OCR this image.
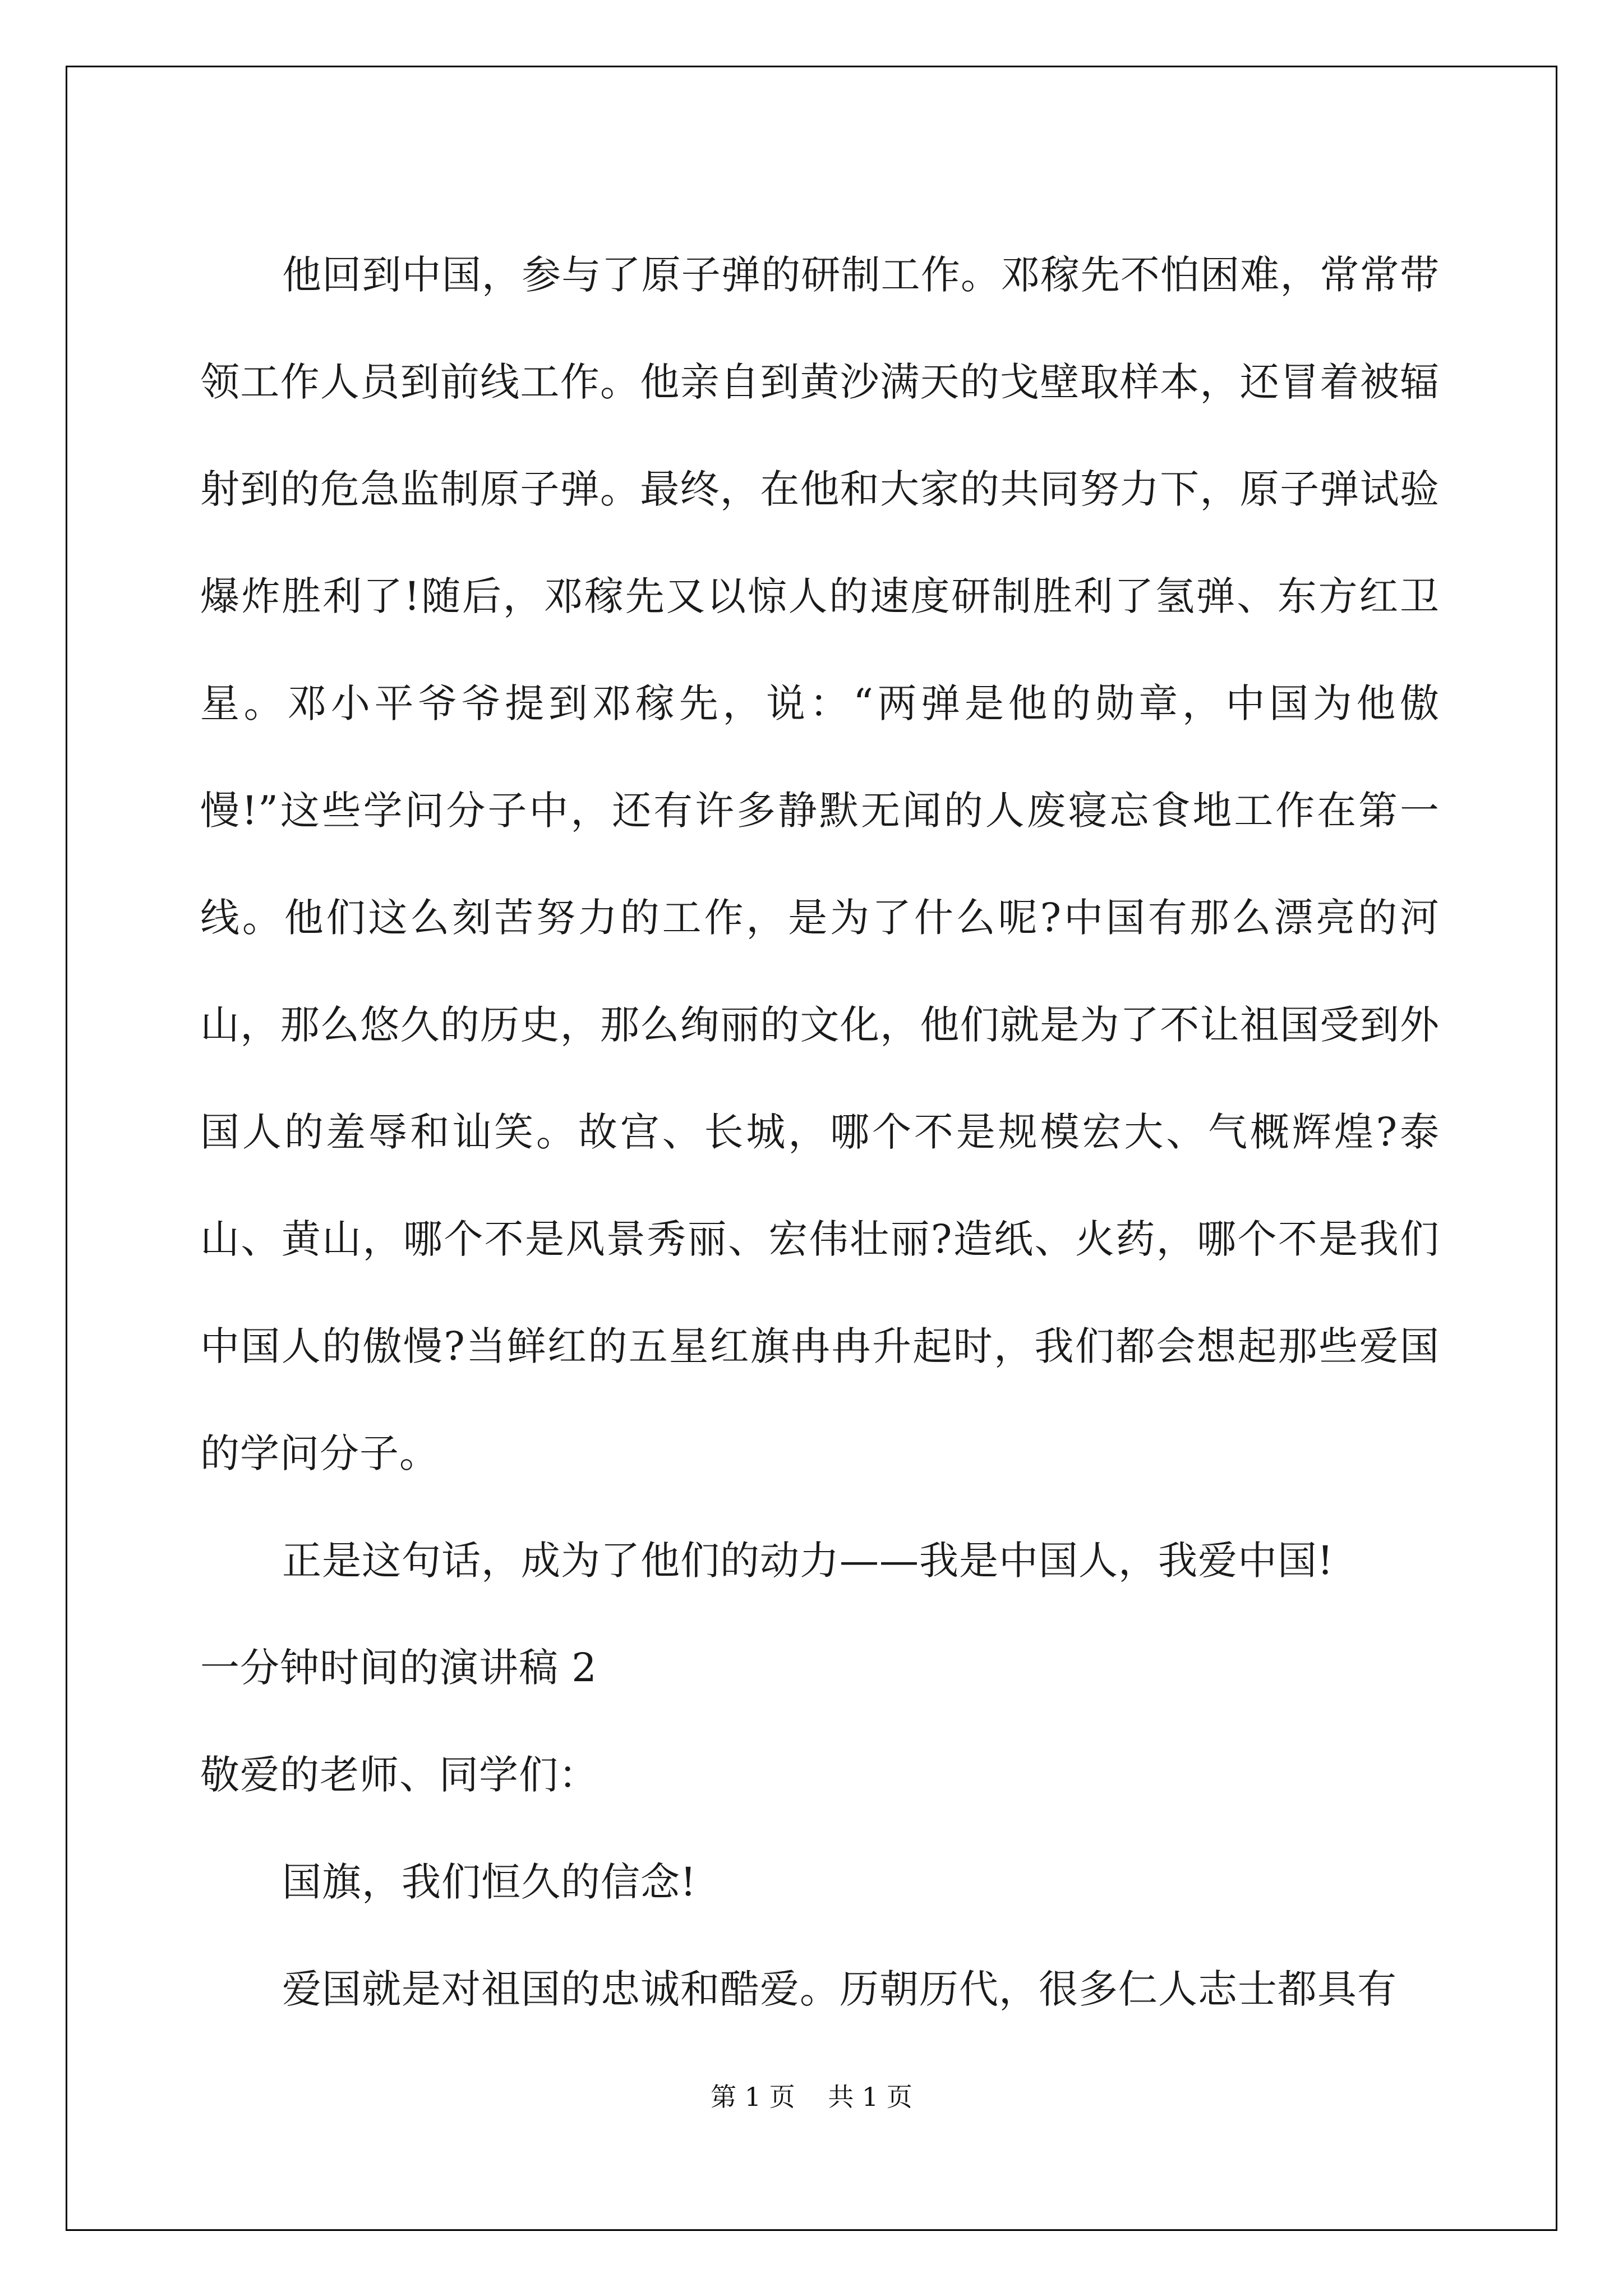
他回到中国，参与了原子弹的研制工作。邓稼先不怕困难，常常带领工作人员到前线工作。他亲自到黄沙满天的戈壁取样本，还冒着被辐射到的危急监制原子弹。最终，在他和大家的共同努力下，原子弹试验爆炸胜利了!随后，邓稼先又以惊人的速度研制胜利了氢弹、东方红卫星。邓小平爷爷提到邓稼先，说：“两弹是他的勋章，中国为他傲慢!”这些学问分子中，还有许多静默无闻的人废寝忘食地工作在第一线。他们这么刻苦努力的工作，是为了什么呢?中国有那么漂亮的河山，那么悠久的历史，那么绚丽的文化，他们就是为了不让祖国受到外国人的羞辱和讪笑。故宫、长城，哪个不是规模宏大、气概辉煌?泰山、黄山，哪个不是风景秀丽、宏伟壮丽?造纸、火药，哪个不是我们中国人的傲慢?当鲜红的五星红旗冉冉升起时，我们都会想起那些爱国的学问分子。

正是这句话，成为了他们的动力——我是中国人，我爱中国!

一分钟时间的演讲稿 2

敬爱的老师、同学们：

国旗，我们恒久的信念!

爱国就是对祖国的忠诚和酷爱。历朝历代，很多仁人志士都具有

第 1 页 共 1 页
